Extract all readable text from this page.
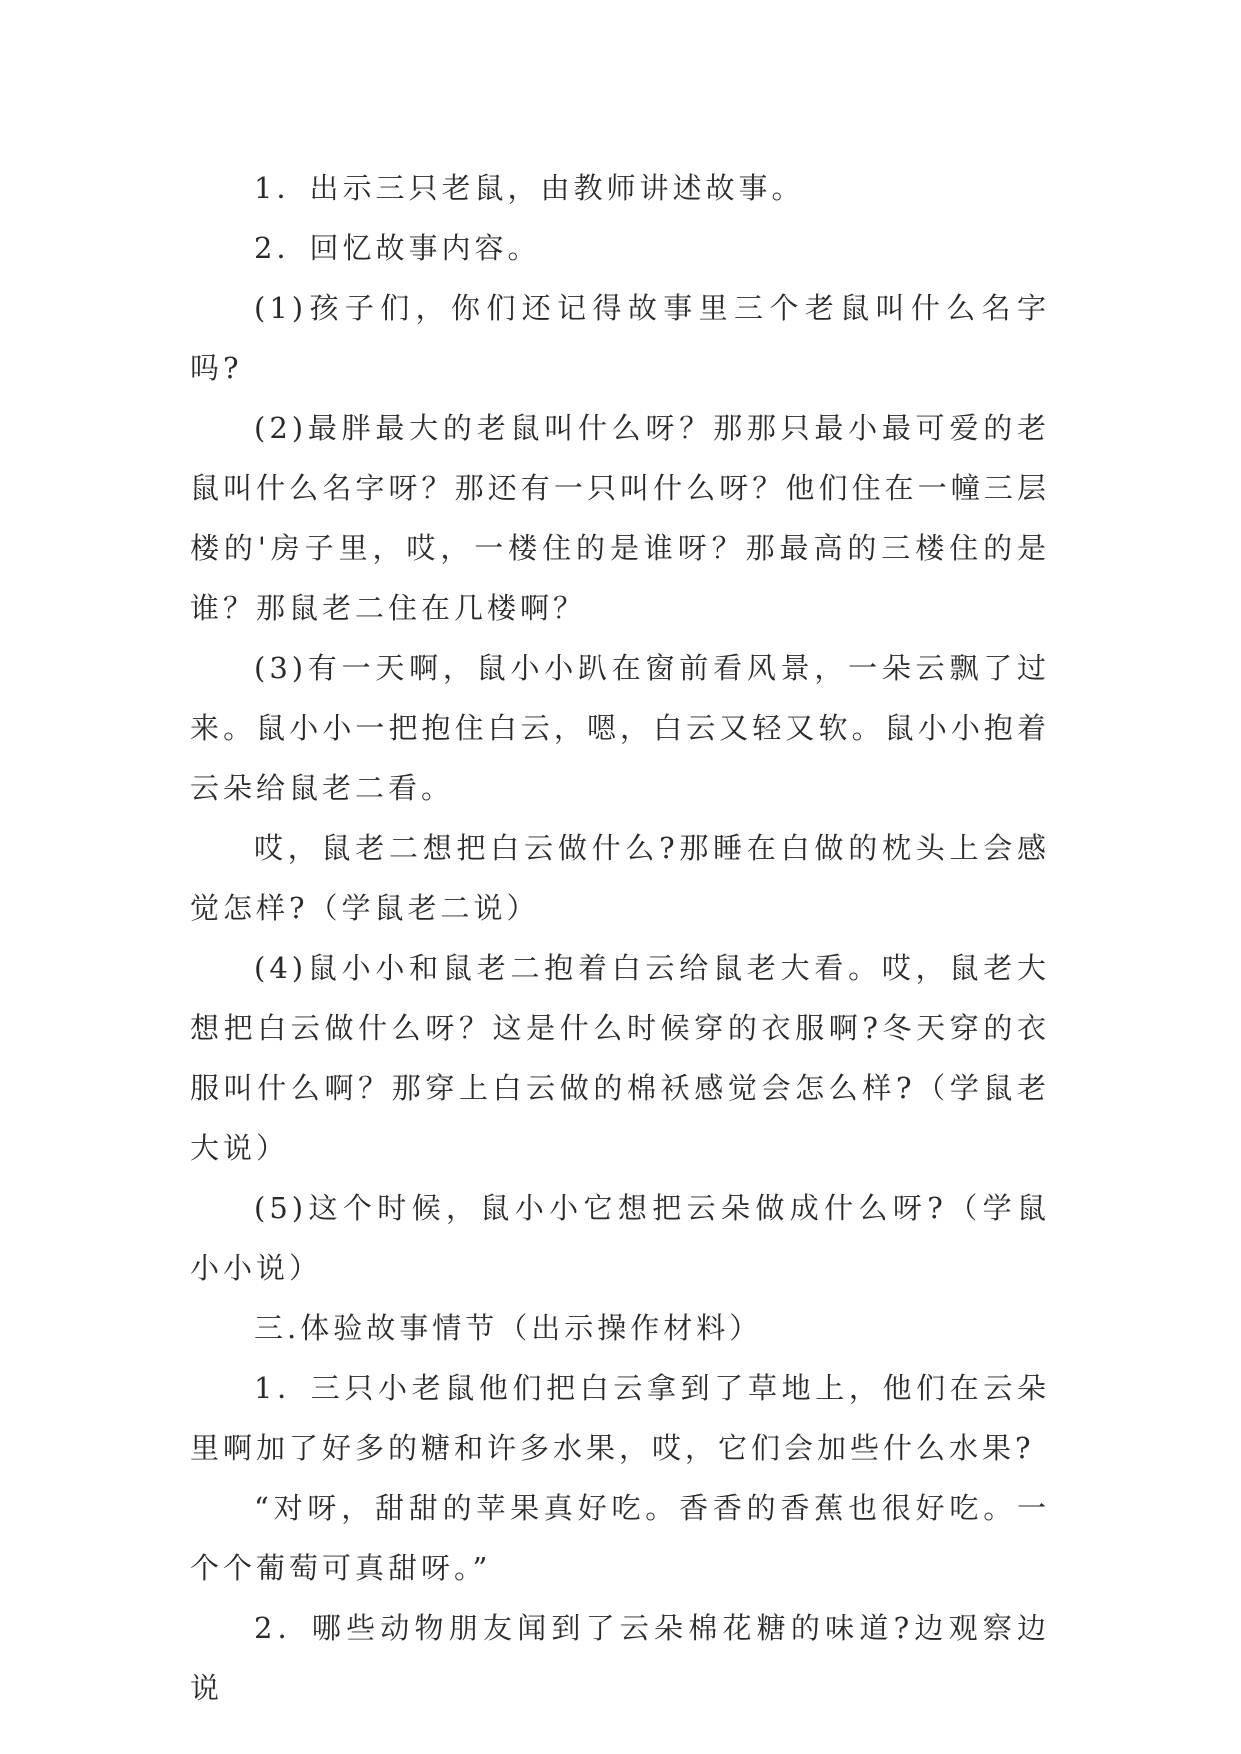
1．出示三只老鼠，由教师讲述故事。

2．回忆故事内容。

(1)孩子们，你们还记得故事里三个老鼠叫什么名字吗?

(2)最胖最大的老鼠叫什么呀？那那只最小最可爱的老鼠叫什么名字呀？那还有一只叫什么呀？他们住在一幢三层楼的'房子里，哎，一楼住的是谁呀？那最高的三楼住的是谁？那鼠老二住在几楼啊？

(3)有一天啊，鼠小小趴在窗前看风景，一朵云飘了过来。鼠小小一把抱住白云，嗯，白云又轻又软。鼠小小抱着云朵给鼠老二看。

哎，鼠老二想把白云做什么?那睡在白做的枕头上会感觉怎样?（学鼠老二说）

(4)鼠小小和鼠老二抱着白云给鼠老大看。哎，鼠老大想把白云做什么呀？这是什么时候穿的衣服啊?冬天穿的衣服叫什么啊？那穿上白云做的棉袄感觉会怎么样?（学鼠老大说）

(5)这个时候，鼠小小它想把云朵做成什么呀?（学鼠小小说）

三.体验故事情节（出示操作材料）

1．三只小老鼠他们把白云拿到了草地上，他们在云朵里啊加了好多的糖和许多水果，哎，它们会加些什么水果?

“对呀，甜甜的苹果真好吃。香香的香蕉也很好吃。一个个葡萄可真甜呀。”

2．哪些动物朋友闻到了云朵棉花糖的味道?边观察边说
